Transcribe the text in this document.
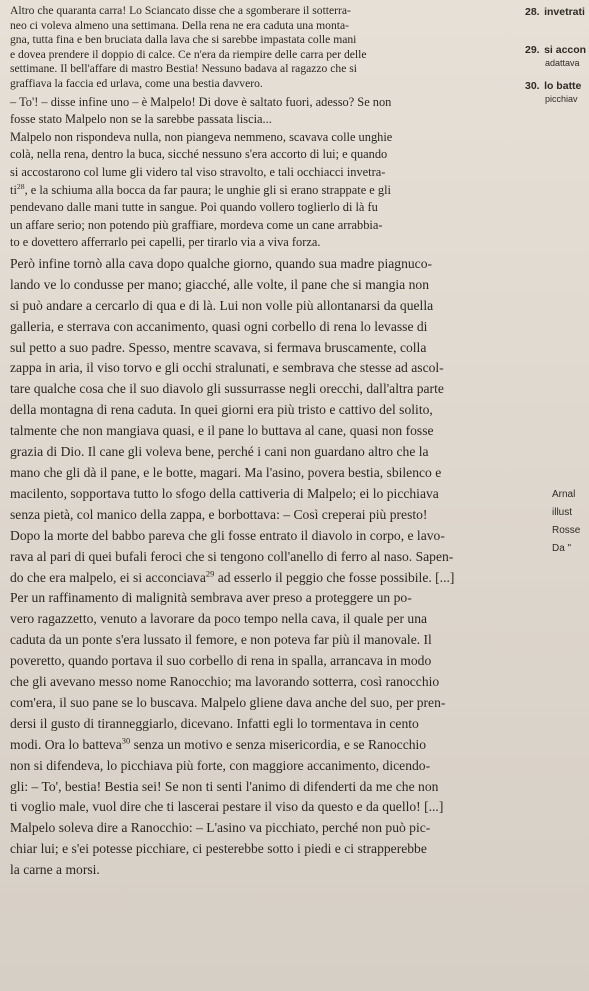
Altro che quaranta carra! Lo Sciancato disse che a sgomberare il sotterra-
neo ci voleva almeno una settimana. Della rena ne era caduta una monta-
gna, tutta fina e ben bruciata dalla lava che si sarebbe impastata colle mani
e dovea prendere il doppio di calce. Ce n'era da riempire delle carra per delle
settimane. Il bell'affare di mastro Bestia! Nessuno badava al ragazzo che si
graffiava la faccia ed urlava, come una bestia davvero.

– To'! – disse infine uno – è Malpelo! Di dove è saltato fuori, adesso? Se non
fosse stato Malpelo non se la sarebbe passata liscia...
Malpelo non rispondeva nulla, non piangeva nemmeno, scavava colle unghie
colà, nella rena, dentro la buca, sicché nessuno s'era accorto di lui; e quando
si accostarono col lume gli videro tal viso stravolto, e tali occhiacci invetra-
$ti^{28}$, e la schiuma alla bocca da far paura; le unghie gli si erano strappate e gli
pendevano dalle mani tutte in sangue. Poi quando vollero toglierlo di là fu
un affare serio; non potendo più graffiare, mordeva come un cane arrabbia-
to e dovettero afferrarlo pei capelli, per tirarlo via a viva forza.

Però infine tornò alla cava dopo qualche giorno, quando sua madre piagnuco-
lando ve lo condusse per mano; giacché, alle volte, il pane che si mangia non
si può andare a cercarlo di qua e di là. Lui non volle più allontanarsi da quella
galleria, e sterrava con accanimento, quasi ogni corbello di rena lo levasse di
sul petto a suo padre. Spesso, mentre scavava, si fermava bruscamente, colla
zappa in aria, il viso torvo e gli occhi stralunati, e sembrava che stesse ad ascol-
tare qualche cosa che il suo diavolo gli sussurrasse negli orecchi, dall'altra parte
della montagna di rena caduta. In quei giorni era più tristo e cattivo del solito,
talmente che non mangiava quasi, e il pane lo buttava al cane, quasi non fosse
grazia di Dio. Il cane gli voleva bene, perché i cani non guardano altro che la
mano che gli dà il pane, e le botte, magari. Ma l'asino, povera bestia, sbilenco e
macilento, sopportava tutto lo sfogo della cattiveria di Malpelo; ei lo picchiava
senza pietà, col manico della zappa, e borbottava: – Così creperai più presto!
Dopo la morte del babbo pareva che gli fosse entrato il diavolo in corpo, e lavo-
rava al pari di quei bufali feroci che si tengono coll'anello di ferro al naso. Sapen-
do che era malpelo, ei si acconciava$^{29}$ ad esserlo il peggio che fosse possibile. [...]
Per un raffinamento di malignità sembrava aver preso a proteggere un po-
vero ragazzetto, venuto a lavorare da poco tempo nella cava, il quale per una
caduta da un ponte s'era lussato il femore, e non poteva far più il manovale. Il
poveretto, quando portava il suo corbello di rena in spalla, arrancava in modo
che gli avevano messo nome Ranocchio; ma lavorando sotterra, così ranocchio
com'era, il suo pane se lo buscava. Malpelo gliene dava anche del suo, per pren-
dersi il gusto di tiranneggiarlo, dicevano. Infatti egli lo tormentava in cento
modi. Ora lo batteva$^{30}$ senza un motivo e senza misericordia, e se Ranocchio
non si difendeva, lo picchiava più forte, con maggiore accanimento, dicendo-
gli: – To', bestia! Bestia sei! Se non ti senti l'animo di difenderti da me che non
ti voglio male, vuol dire che ti lascerai pestare il viso da questo e da quello! [...]
Malpelo soleva dire a Ranocchio: – L'asino va picchiato, perché non può pic-
chiar lui; e s'ei potesse picchiare, ci pesterebbe sotto i piedi e ci strapperebbe
la carne a morsi.

28. invetrati
29. si accon
adattava
30. lo batte
picchiav
Arnal
illust
Rosse
Da "
